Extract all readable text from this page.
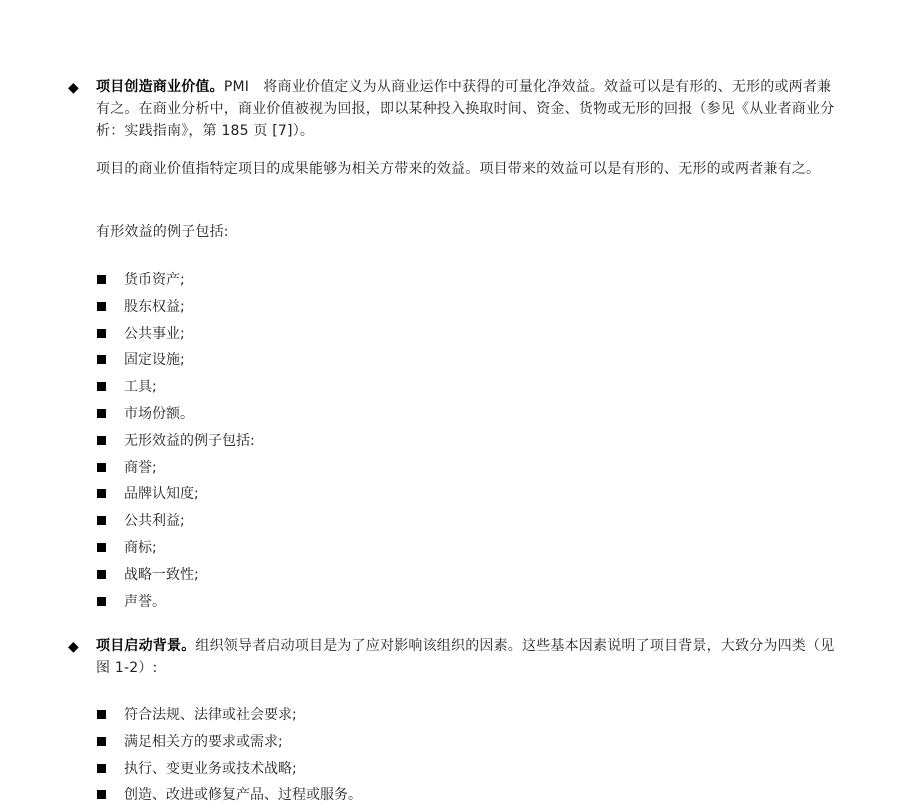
◆ 项目创造商业价值。PMI　将商业价值定义为从商业运作中获得的可量化净效益。效益可以是有形的、无形的或两者兼有之。在商业分析中，商业价值被视为回报，即以某种投入换取时间、资金、货物或无形的回报（参见《从业者商业分析：实践指南》，第 185 页 [7]）。
项目的商业价值指特定项目的成果能够为相关方带来的效益。项目带来的效益可以是有形的、无形的或两者兼有之。
有形效益的例子包括:
货币资产;
股东权益;
公共事业;
固定设施;
工具;
市场份额。
无形效益的例子包括:
商誉;
品牌认知度;
公共利益;
商标;
战略一致性;
声誉。
◆ 项目启动背景。组织领导者启动项目是为了应对影响该组织的因素。这些基本因素说明了项目背景，大致分为四类（见图 1-2）:
符合法规、法律或社会要求;
满足相关方的要求或需求;
执行、变更业务或技术战略;
创造、改进或修复产品、过程或服务。
